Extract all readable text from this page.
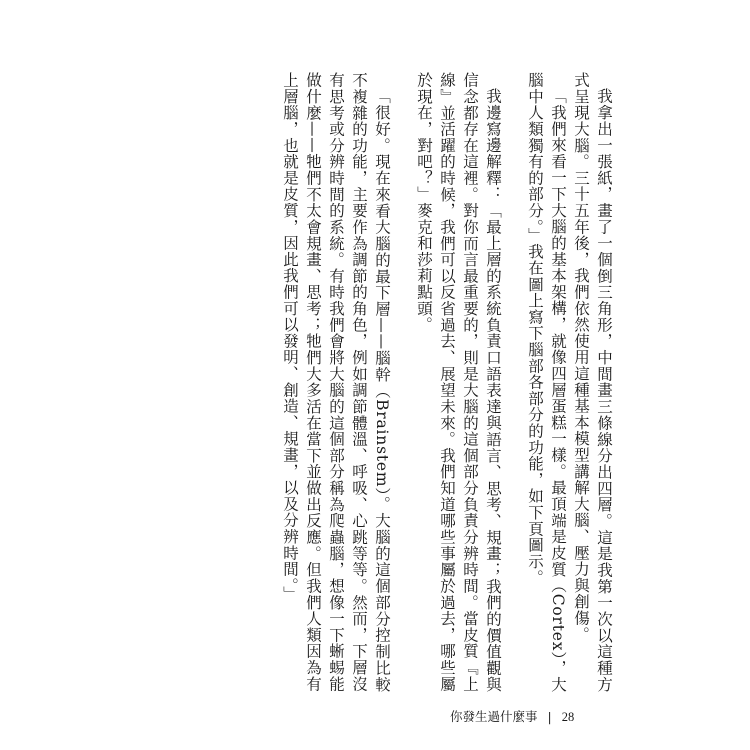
我拿出一張紙，畫了一個倒三角形，中間畫三條線分出四層。這是我第一次以這種方式呈現大腦。三十五年後，我們依然使用這種基本模型講解大腦、壓力與創傷。

「我們來看一下大腦的基本架構，就像四層蛋糕一樣。最頂端是皮質（Cortex），大腦中人類獨有的部分。」我在圖上寫下腦部各部分的功能，如下頁圖示。

我邊寫邊解釋：「最上層的系統負責口語表達與語言、思考、規畫；我們的價值觀與信念都存在這裡。對你而言最重要的，則是大腦的這個部分負責分辨時間。當皮質『上線』並活躍的時候，我們可以反省過去、展望未來。我們知道哪些事屬於過去，哪些屬於現在，對吧？」麥克和莎莉點頭。

「很好。現在來看大腦的最下層——腦幹（Brainstem）。大腦的這個部分控制比較不複雜的功能，主要作為調節的角色，例如調節體溫、呼吸、心跳等等。然而，下層沒有思考或分辨時間的系統。有時我們會將大腦的這個部分稱為爬蟲腦，想像一下蜥蜴能做什麼——牠們不太會規畫、思考；牠們大多活在當下並做出反應。但我們人類因為有上層腦，也就是皮質，因此我們可以發明、創造、規畫，以及分辨時間。」

你發生過什麼事 | 28
